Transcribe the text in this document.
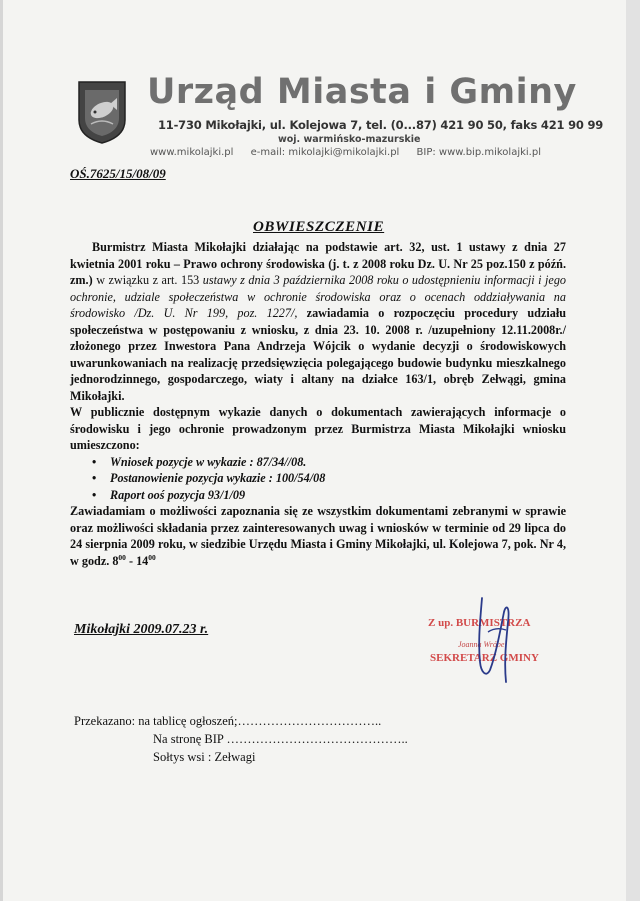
Urząd Miasta i Gminy
11-730 Mikołajki, ul. Kolejowa 7, tel. (0...87) 421 90 50, faks 421 90 99
woj. warmińsko-mazurskie
www.mikolajki.pl e-mail: mikolajki@mikolajki.pl BIP: www.bip.mikolajki.pl
OŚ.7625/15/08/09
OBWIESZCZENIE

Burmistrz Miasta Mikołajki działając na podstawie art. 32, ust. 1 ustawy z dnia 27 kwietnia 2001 roku – Prawo ochrony środowiska (j. t. z 2008 roku Dz. U. Nr 25 poz.150 z późń. zm.) w związku z art. 153 ustawy z dnia 3 października 2008 roku o udostępnieniu informacji i jego ochronie, udziale społeczeństwa w ochronie środowiska oraz o ocenach oddziaływania na środowisko /Dz. U. Nr 199, poz. 1227/, zawiadamia o rozpoczęciu procedury udziału społeczeństwa w postępowaniu z wniosku, z dnia 23. 10. 2008 r. /uzupełniony 12.11.2008r./ złożonego przez Inwestora Pana Andrzeja Wójcik o wydanie decyzji o środowiskowych uwarunkowaniach na realizację przedsięwzięcia polegającego budowie budynku mieszkalnego jednorodzinnego, gospodarczego, wiaty i altany na działce 163/1, obręb Zełwągi, gmina Mikołajki.

W publicznie dostępnym wykazie danych o dokumentach zawierających informacje o środowisku i jego ochronie prowadzonym przez Burmistrza Miasta Mikołajki wniosku umieszczono:

• Wniosek pozycje w wykazie : 87/34//08.
• Postanowienie pozycja wykazie : 100/54/08
• Raport ooś pozycja 93/1/09

Zawiadamiam o możliwości zapoznania się ze wszystkim dokumentami zebranymi w sprawie oraz możliwości składania przez zainteresowanych uwag i wniosków w terminie od 29 lipca do 24 sierpnia 2009 roku, w siedzibie Urzędu Miasta i Gminy Mikołajki, ul. Kolejowa 7, pok. Nr 4, w godz. $8^{00} - 14^{00}$

Mikołajki 2009.07.23 r.	Z up. BURMISTRZA
Joanna Wróbel
SEKRETARZ GMINY
Przekazano: na tablicę ogłoszeń;……………………………..
Na stronę BIP ……………………………………..
Sołtys wsi : Zełwagi
